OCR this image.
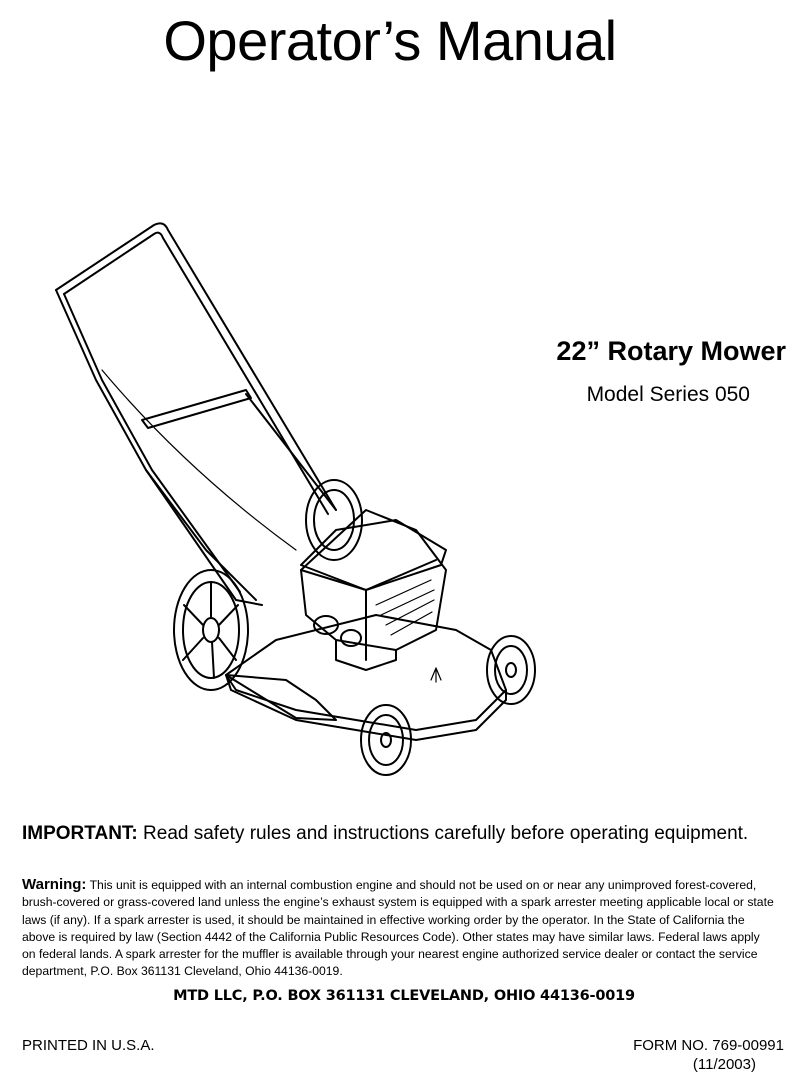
Operator’s Manual
22” Rotary Mower
Model Series 050
IMPORTANT: Read safety rules and instructions carefully before operating equipment.
Warning: This unit is equipped with an internal combustion engine and should not be used on or near any unimproved forest-covered, brush-covered or grass-covered land unless the engine’s exhaust system is equipped with a spark arrester meeting applicable local or state laws (if any). If a spark arrester is used, it should be maintained in effective working order by the operator. In the State of California the above is required by law (Section 4442 of the California Public Resources Code). Other states may have similar laws. Federal laws apply on federal lands. A spark arrester for the muffler is available through your nearest engine authorized service dealer or contact the service department, P.O. Box 361131 Cleveland, Ohio 44136-0019.
MTD LLC, P.O. BOX 361131 CLEVELAND, OHIO 44136-0019
PRINTED IN U.S.A.	FORM NO. 769-00991
(11/2003)
